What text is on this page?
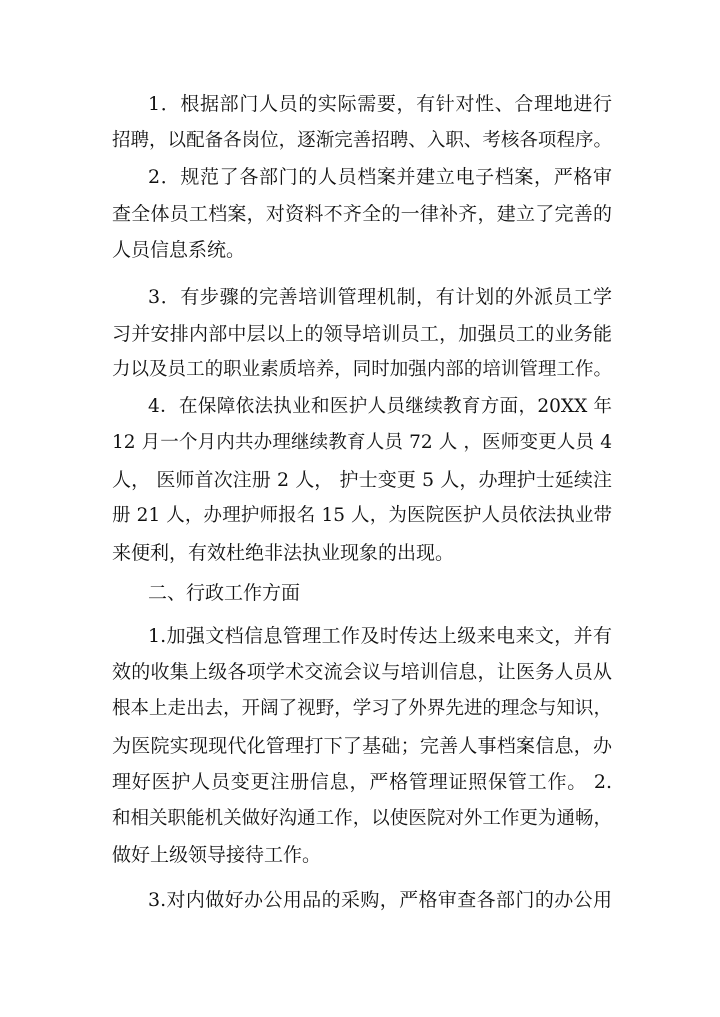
1．根据部门人员的实际需要，有针对性、合理地进行
招聘，以配备各岗位，逐渐完善招聘、入职、考核各项程序。
2．规范了各部门的人员档案并建立电子档案，严格审
查全体员工档案，对资料不齐全的一律补齐，建立了完善的
人员信息系统。
3．有步骤的完善培训管理机制，有计划的外派员工学
习并安排内部中层以上的领导培训员工，加强员工的业务能
力以及员工的职业素质培养，同时加强内部的培训管理工作。
4．在保障依法执业和医护人员继续教育方面，20XX 年
12 月一个月内共办理继续教育人员 72 人 ，医师变更人员 4
人， 医师首次注册 2 人， 护士变更 5 人，办理护士延续注
册 21 人，办理护师报名 15 人，为医院医护人员依法执业带
来便利，有效杜绝非法执业现象的出现。
二、行政工作方面
1.加强文档信息管理工作及时传达上级来电来文，并有
效的收集上级各项学术交流会议与培训信息，让医务人员从
根本上走出去，开阔了视野，学习了外界先进的理念与知识，
为医院实现现代化管理打下了基础；完善人事档案信息，办
理好医护人员变更注册信息，严格管理证照保管工作。 2.
和相关职能机关做好沟通工作，以使医院对外工作更为通畅，
做好上级领导接待工作。
3.对内做好办公用品的采购，严格审查各部门的办公用
